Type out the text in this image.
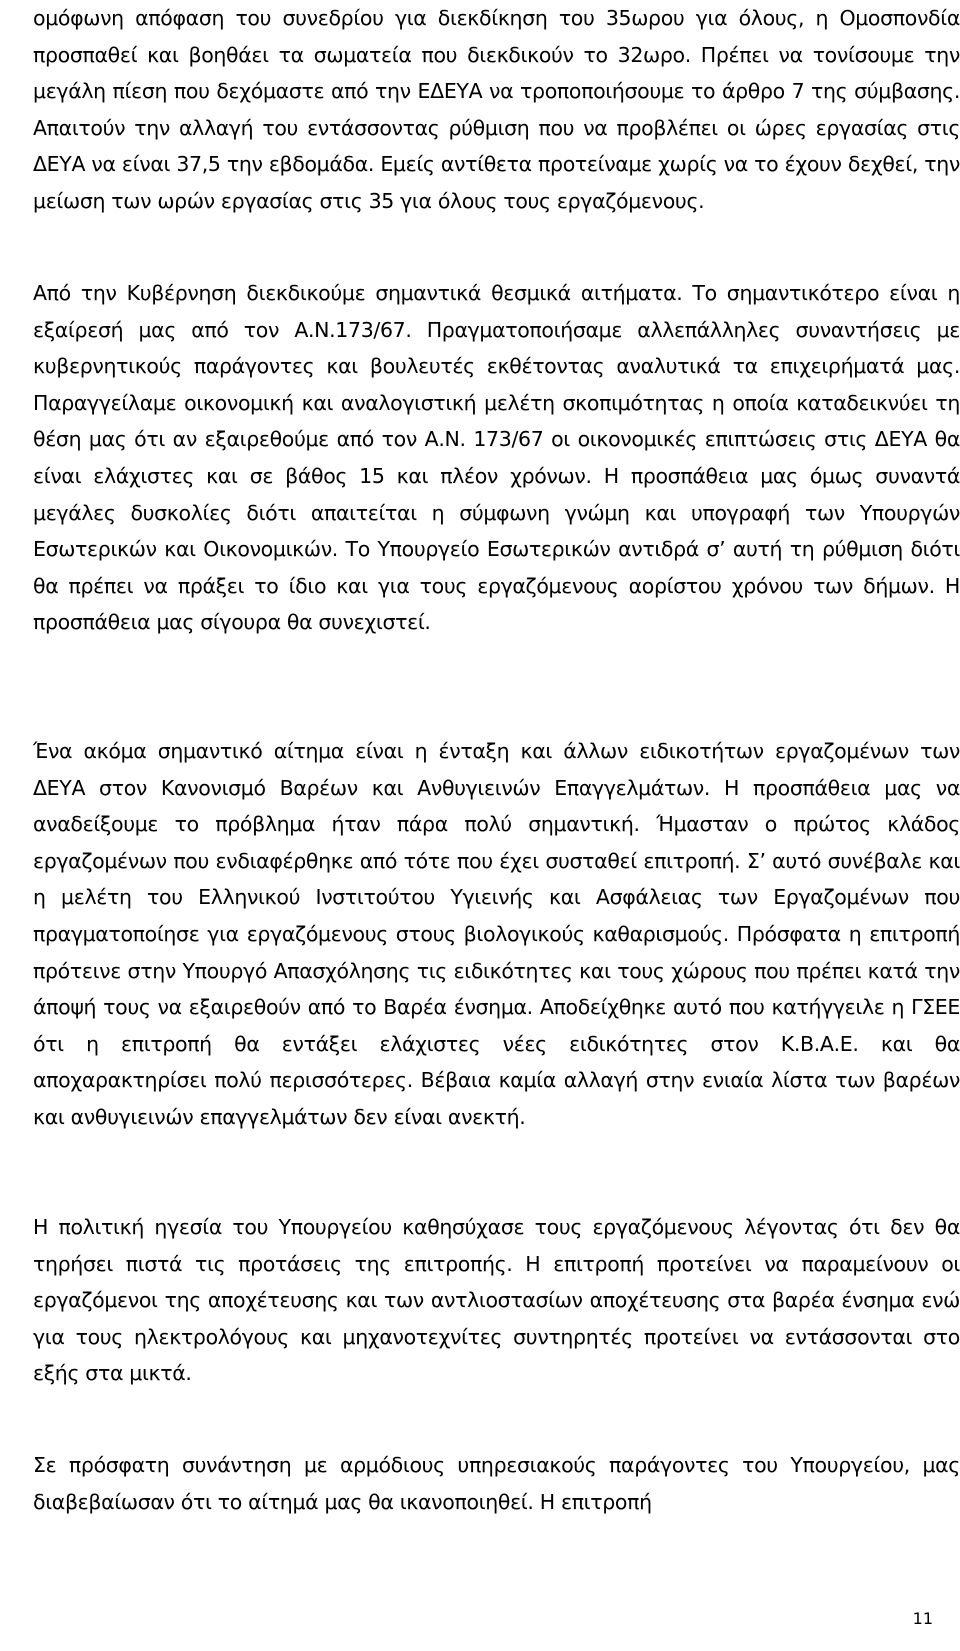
ομόφωνη απόφαση του συνεδρίου για διεκδίκηση του 35ωρου για όλους, η Ομοσπονδία προσπαθεί και βοηθάει τα σωματεία που διεκδικούν το 32ωρο. Πρέπει να τονίσουμε την μεγάλη πίεση που δεχόμαστε από την ΕΔΕΥΑ να τροποποιήσουμε το άρθρο 7 της σύμβασης. Απαιτούν την αλλαγή του εντάσσοντας ρύθμιση που να προβλέπει οι ώρες εργασίας στις ΔΕΥΑ να είναι 37,5 την εβδομάδα. Εμείς αντίθετα προτείναμε χωρίς να το έχουν δεχθεί, την μείωση των ωρών εργασίας στις 35 για όλους τους εργαζόμενους.

Από την Κυβέρνηση διεκδικούμε σημαντικά θεσμικά αιτήματα. Το σημαντικότερο είναι η εξαίρεσή μας από τον Α.Ν.173/67. Πραγματοποιήσαμε αλλεπάλληλες συναντήσεις με κυβερνητικούς παράγοντες και βουλευτές εκθέτοντας αναλυτικά τα επιχειρήματά μας. Παραγγείλαμε οικονομική και αναλογιστική μελέτη σκοπιμότητας η οποία καταδεικνύει τη θέση μας ότι αν εξαιρεθούμε από τον Α.Ν. 173/67 οι οικονομικές επιπτώσεις στις ΔΕΥΑ θα είναι ελάχιστες και σε βάθος 15 και πλέον χρόνων. Η προσπάθεια μας όμως συναντά μεγάλες δυσκολίες διότι απαιτείται η σύμφωνη γνώμη και υπογραφή των Υπουργών Εσωτερικών και Οικονομικών. Το Υπουργείο Εσωτερικών αντιδρά σ’ αυτή τη ρύθμιση διότι θα πρέπει να πράξει το ίδιο και για τους εργαζόμενους αορίστου χρόνου των δήμων. Η προσπάθεια μας σίγουρα θα συνεχιστεί.

Ένα ακόμα σημαντικό αίτημα είναι η ένταξη και άλλων ειδικοτήτων εργαζομένων των ΔΕΥΑ στον Κανονισμό Βαρέων και Ανθυγιεινών Επαγγελμάτων. Η προσπάθεια μας να αναδείξουμε το πρόβλημα ήταν πάρα πολύ σημαντική. Ήμασταν ο πρώτος κλάδος εργαζομένων που ενδιαφέρθηκε από τότε που έχει συσταθεί επιτροπή. Σ’ αυτό συνέβαλε και η μελέτη του Ελληνικού Ινστιτούτου Υγιεινής και Ασφάλειας των Εργαζομένων που πραγματοποίησε για εργαζόμενους στους βιολογικούς καθαρισμούς. Πρόσφατα η επιτροπή πρότεινε στην Υπουργό Απασχόλησης τις ειδικότητες και τους χώρους που πρέπει κατά την άποψή τους να εξαιρεθούν από το Βαρέα ένσημα. Αποδείχθηκε αυτό που κατήγγειλε η ΓΣΕΕ ότι η επιτροπή θα εντάξει ελάχιστες νέες ειδικότητες στον Κ.Β.Α.Ε. και θα αποχαρακτηρίσει πολύ περισσότερες. Βέβαια καμία αλλαγή στην ενιαία λίστα των βαρέων και ανθυγιεινών επαγγελμάτων δεν είναι ανεκτή.

Η πολιτική ηγεσία του Υπουργείου καθησύχασε τους εργαζόμενους λέγοντας ότι δεν θα τηρήσει πιστά τις προτάσεις της επιτροπής. Η επιτροπή προτείνει να παραμείνουν οι εργαζόμενοι της αποχέτευσης και των αντλιοστασίων αποχέτευσης στα βαρέα ένσημα ενώ για τους ηλεκτρολόγους και μηχανοτεχνίτες συντηρητές προτείνει να εντάσσονται στο εξής στα μικτά.

Σε πρόσφατη συνάντηση με αρμόδιους υπηρεσιακούς παράγοντες του Υπουργείου, μας διαβεβαίωσαν ότι το αίτημά μας θα ικανοποιηθεί. Η επιτροπή

11
